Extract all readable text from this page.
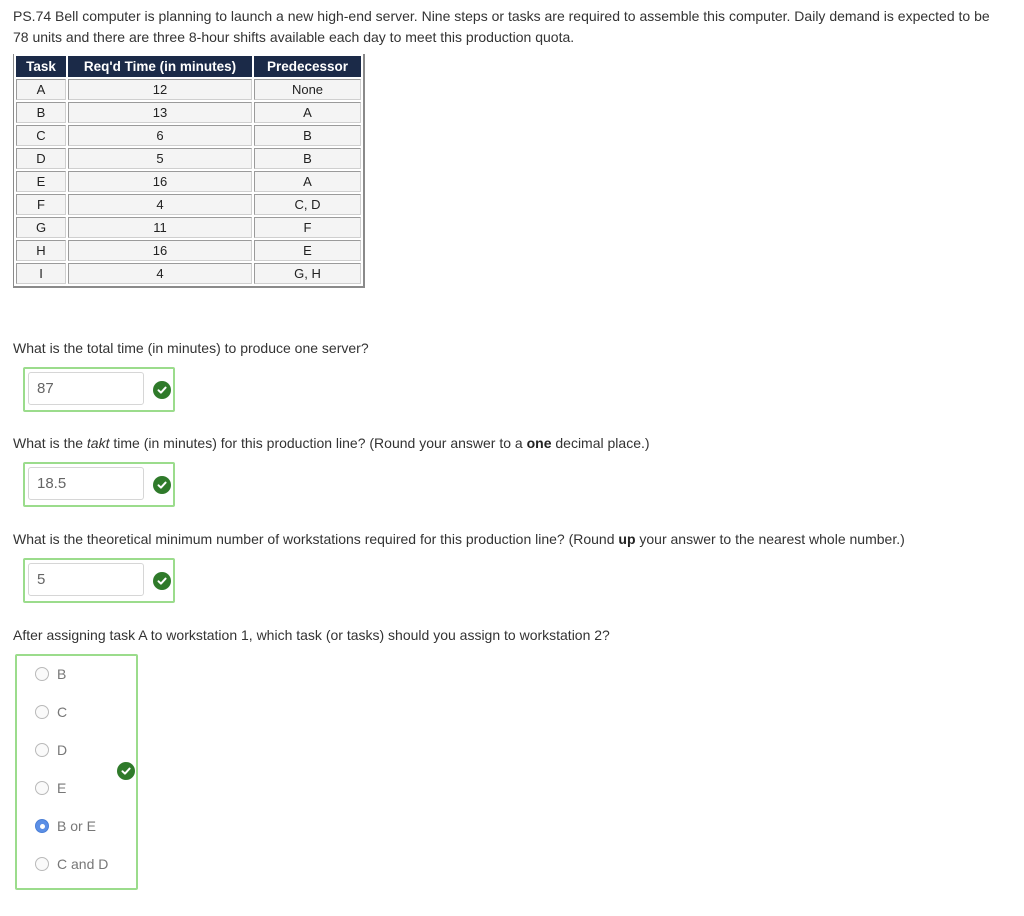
PS.74 Bell computer is planning to launch a new high-end server. Nine steps or tasks are required to assemble this computer. Daily demand is expected to be 78 units and there are three 8-hour shifts available each day to meet this production quota.
Task	Req'd Time (in minutes)	Predecessor
A	12	None
B	13	A
C	6	B
D	5	B
E	16	A
F	4	C, D
G	11	F
H	16	E
I	4	G, H
What is the total time (in minutes) to produce one server?
87
What is the takt time (in minutes) for this production line? (Round your answer to a one decimal place.)
18.5
What is the theoretical minimum number of workstations required for this production line? (Round up your answer to the nearest whole number.)
5
After assigning task A to workstation 1, which task (or tasks) should you assign to workstation 2?
B
C
D
E
B or E
C and D
